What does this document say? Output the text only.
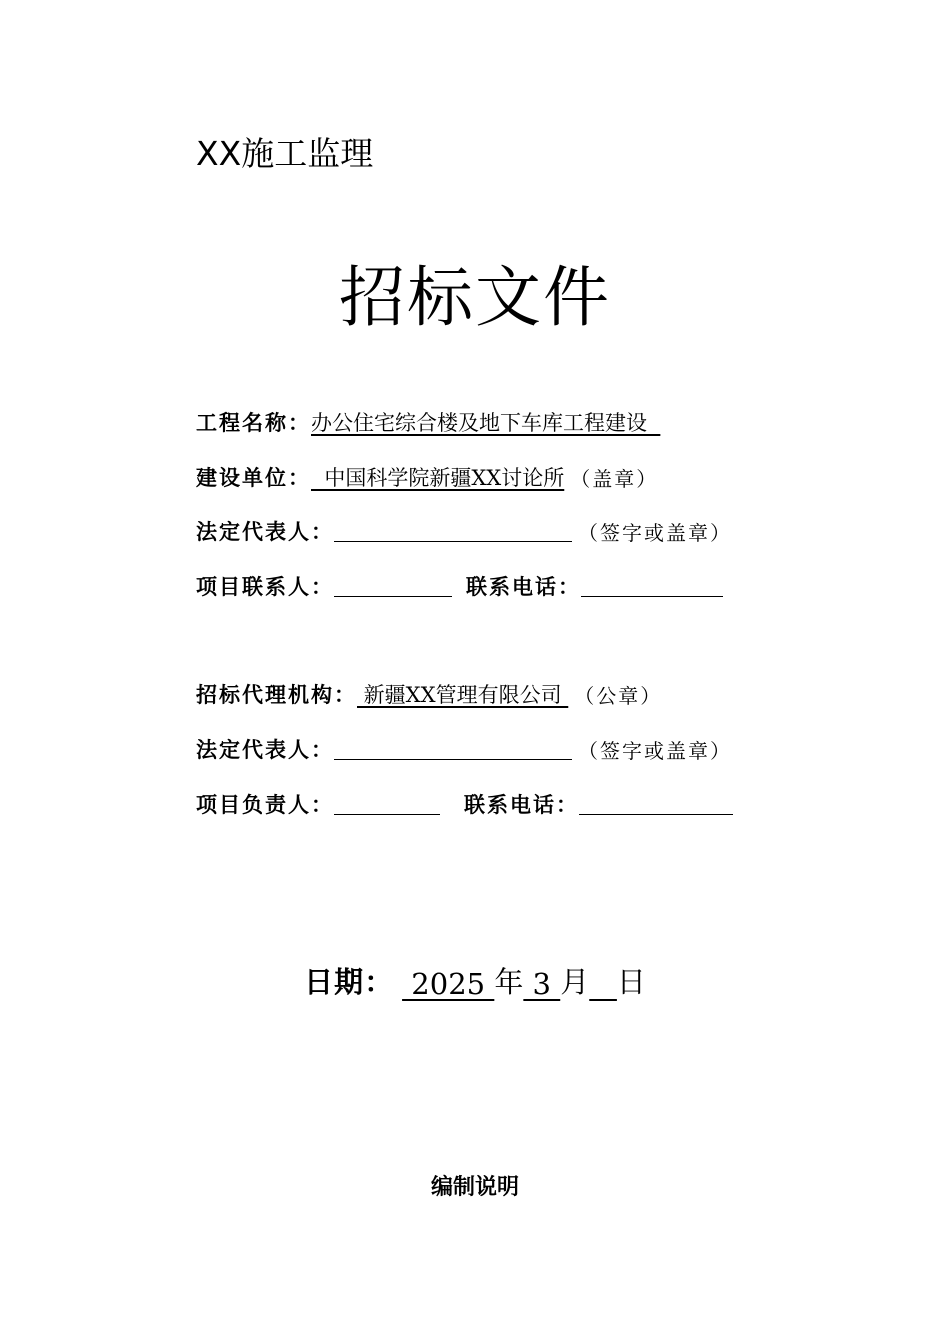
XX施工监理
招标文件
工程名称： 办公住宅综合楼及地下车库工程建设
建设单位： 中国科学院新疆XX讨论所 （盖章）
法定代表人：	（签字或盖章）
项目联系人：	联系电话：
招标代理机构： 新疆XX管理有限公司 （公章）
法定代表人：	（签字或盖章）
项目负责人：	联系电话：
日期： 2025 年 3 月
日
编制说明
